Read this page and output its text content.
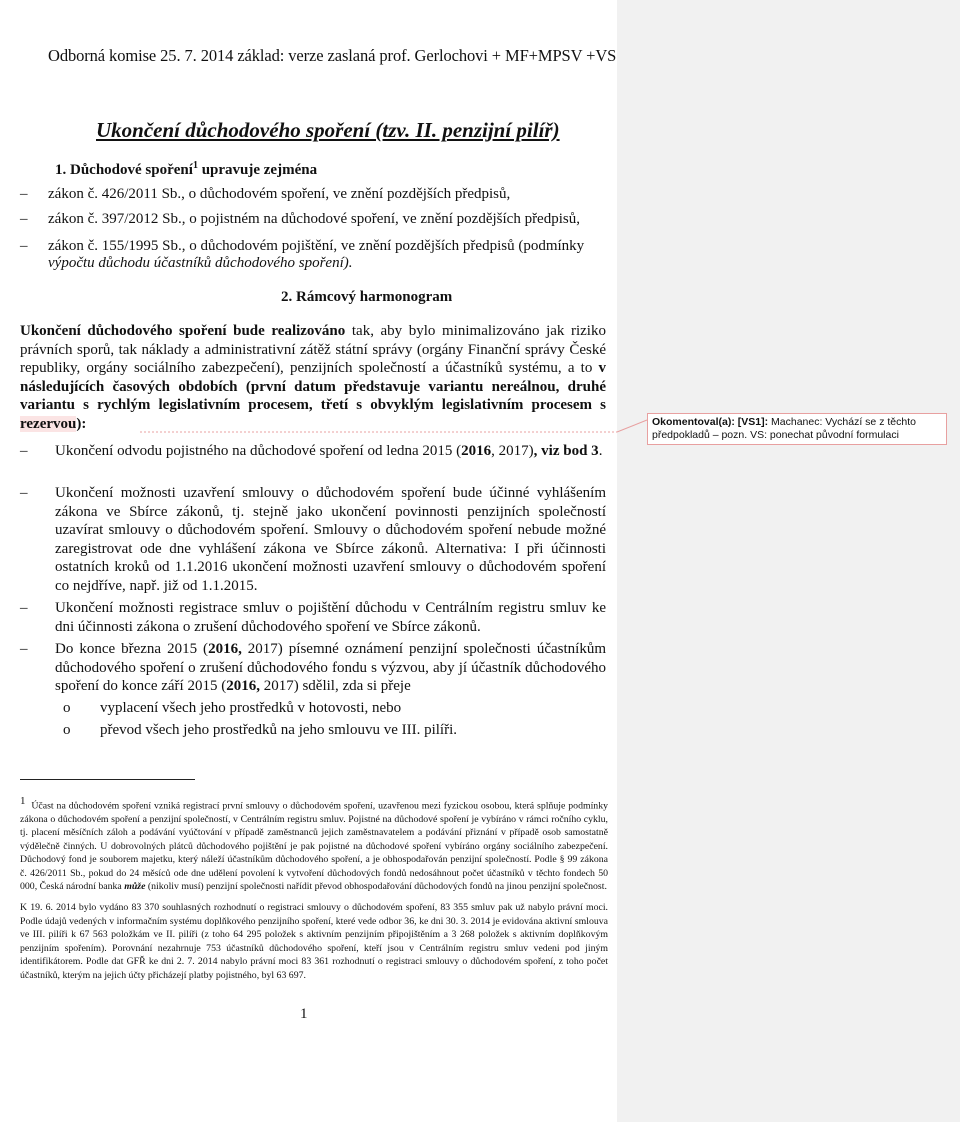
Odborná komise 25. 7. 2014 základ: verze zaslaná prof. Gerlochovi + MF+MPSV +VS
Ukončení důchodového spoření (tzv. II. penzijní pilíř)
1. Důchodové spoření$^1$ upravuje zejména
– zákon č. 426/2011 Sb., o důchodovém spoření, ve znění pozdějších předpisů,
– zákon č. 397/2012 Sb., o pojistném na důchodové spoření, ve znění pozdějších předpisů,
– zákon č. 155/1995 Sb., o důchodovém pojištění, ve znění pozdějších předpisů (podmínky
výpočtu důchodu účastníků důchodového spoření).
2. Rámcový harmonogram
Ukončení důchodového spoření bude realizováno tak, aby bylo minimalizováno jak riziko právních sporů, tak náklady a administrativní zátěž státní správy (orgány Finanční správy České republiky, orgány sociálního zabezpečení), penzijních společností a účastníků systému, a to v následujících časových obdobích (první datum představuje variantu nereálnou, druhé variantu s rychlým legislativním procesem, třetí s obvyklým legislativním procesem s rezervou):
–	Ukončení odvodu pojistného na důchodové spoření od ledna 2015 (2016, 2017), viz bod 3.
–	Ukončení možnosti uzavření smlouvy o důchodovém spoření bude účinné vyhlášením zákona ve Sbírce zákonů, tj. stejně jako ukončení povinnosti penzijních společností uzavírat smlouvy o důchodovém spoření. Smlouvy o důchodovém spoření nebude možné zaregistrovat ode dne vyhlášení zákona ve Sbírce zákonů. Alternativa: I při účinnosti ostatních kroků od 1.1.2016 ukončení možnosti uzavření smlouvy o důchodovém spoření co nejdříve, např. již od 1.1.2015.
–	Ukončení možnosti registrace smluv o pojištění důchodu v Centrálním registru smluv ke dni účinnosti zákona o zrušení důchodového spoření ve Sbírce zákonů.
–	Do konce března 2015 (2016, 2017) písemné oznámení penzijní společnosti účastníkům důchodového spoření o zrušení důchodového fondu s výzvou, aby jí účastník důchodového spoření do konce září 2015 (2016, 2017) sdělil, zda si přeje
o vyplacení všech jeho prostředků v hotovosti, nebo
o převod všech jeho prostředků na jeho smlouvu ve III. pilíři.
$^1$ Účast na důchodovém spoření vzniká registrací první smlouvy o důchodovém spoření, uzavřenou mezi fyzickou osobou, která splňuje podmínky zákona o důchodovém spoření a penzijní společností, v Centrálním registru smluv. Pojistné na důchodové spoření je vybíráno v rámci ročního cyklu, tj. placení měsíčních záloh a podávání vyúčtování v případě zaměstnanců jejich zaměstnavatelem a podávání přiznání v případě osob samostatně výdělečně činných. U dobrovolných plátců důchodového pojištění je pak pojistné na důchodové spoření vybíráno orgány sociálního zabezpečení. Důchodový fond je souborem majetku, který náleží účastníkům důchodového spoření, a je obhospodařován penzijní společností. Podle § 99 zákona č. 426/2011 Sb., pokud do 24 měsíců ode dne udělení povolení k vytvoření důchodových fondů nedosáhnout počet účastníků v těchto fondech 50 000, Česká národní banka může (nikoliv musí) penzijní společnosti nařídit převod obhospodařování důchodových fondů na jinou penzijní společnost.
K 19. 6. 2014 bylo vydáno 83 370 souhlasných rozhodnutí o registraci smlouvy o důchodovém spoření, 83 355 smluv pak už nabylo právní moci. Podle údajů vedených v informačním systému doplňkového penzijního spoření, které vede odbor 36, ke dni 30. 3. 2014 je evidována aktivní smlouva ve III. pilíři k 67 563 položkám ve II. pilíři (z toho 64 295 položek s aktivním penzijním připojištěním a 3 268 položek s aktivním doplňkovým penzijním spořením). Porovnání nezahrnuje 753 účastníků důchodového spoření, kteří jsou v Centrálním registru smluv vedeni pod jiným identifikátorem. Podle dat GFŘ ke dni 2. 7. 2014 nabylo právní moci 83 361 rozhodnutí o registraci smlouvy o důchodovém spoření, z toho počet účastníků, kterým na jejich účty přicházejí platby pojistného, byl 63 697.
1
Okomentoval(a): [VS1]: Machanec: Vychází se z těchto předpokladů – pozn. VS: ponechat původní formulaci
